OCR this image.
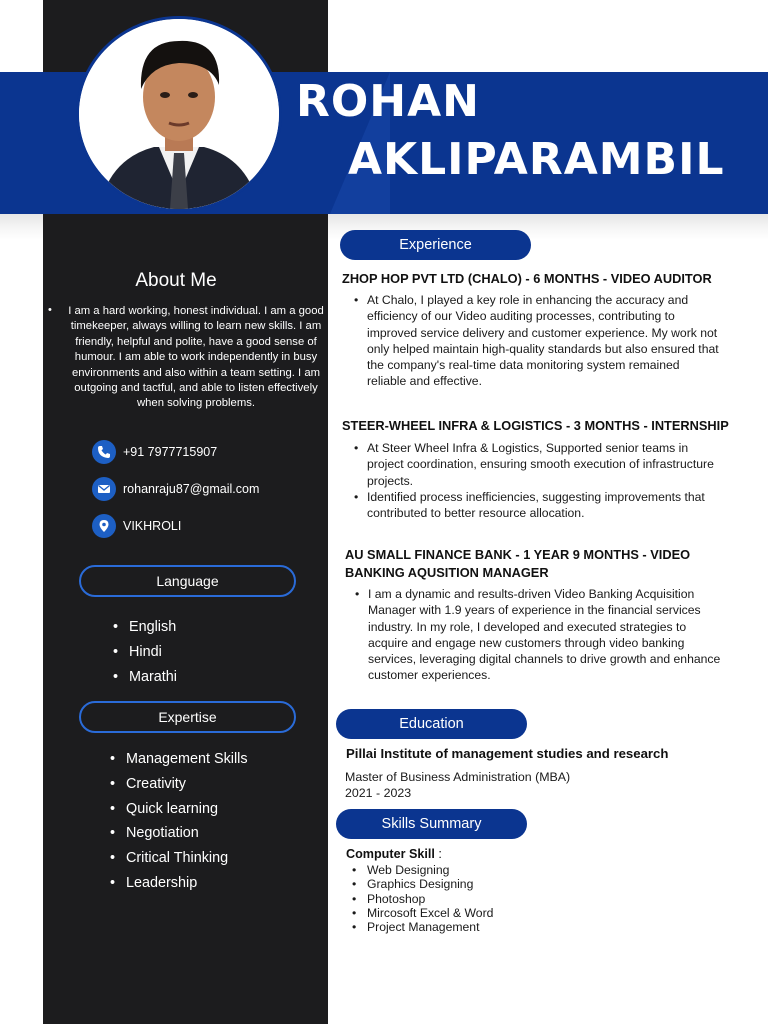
ROHAN
AKLIPARAMBIL
About Me
• I am a hard working, honest individual. I am a good timekeeper, always willing to learn new skills. I am friendly, helpful and polite, have a good sense of humour. I am able to work independently in busy environments and also within a team setting. I am outgoing and tactful, and able to listen effectively when solving problems.
+91 7977715907
rohanraju87@gmail.com
VIKHROLI
Language
• English
• Hindi
• Marathi
Expertise
• Management Skills
• Creativity
• Quick learning
• Negotiation
• Critical Thinking
• Leadership
Experience
ZHOP HOP PVT LTD (CHALO) - 6 MONTHS - VIDEO AUDITOR
• At Chalo, I played a key role in enhancing the accuracy and efficiency of our Video auditing processes, contributing to improved service delivery and customer experience. My work not only helped maintain high-quality standards but also ensured that the company's real-time data monitoring system remained reliable and effective.
STEER-WHEEL INFRA & LOGISTICS - 3 MONTHS - INTERNSHIP
• At Steer Wheel Infra & Logistics, Supported senior teams in project coordination, ensuring smooth execution of infrastructure projects.
• Identified process inefficiencies, suggesting improvements that contributed to better resource allocation.
AU SMALL FINANCE BANK - 1 YEAR 9 MONTHS - VIDEO
BANKING AQUSITION MANAGER
• I am a dynamic and results-driven Video Banking Acquisition Manager with 1.9 years of experience in the financial services industry. In my role, I developed and executed strategies to acquire and engage new customers through video banking services, leveraging digital channels to drive growth and enhance customer experiences.
Education
Pillai Institute of management studies and research
Master of Business Administration (MBA)
2021 - 2023
Skills Summary
Computer Skill :
• Web Designing
• Graphics Designing
• Photoshop
• Mircosoft Excel & Word
• Project Management
